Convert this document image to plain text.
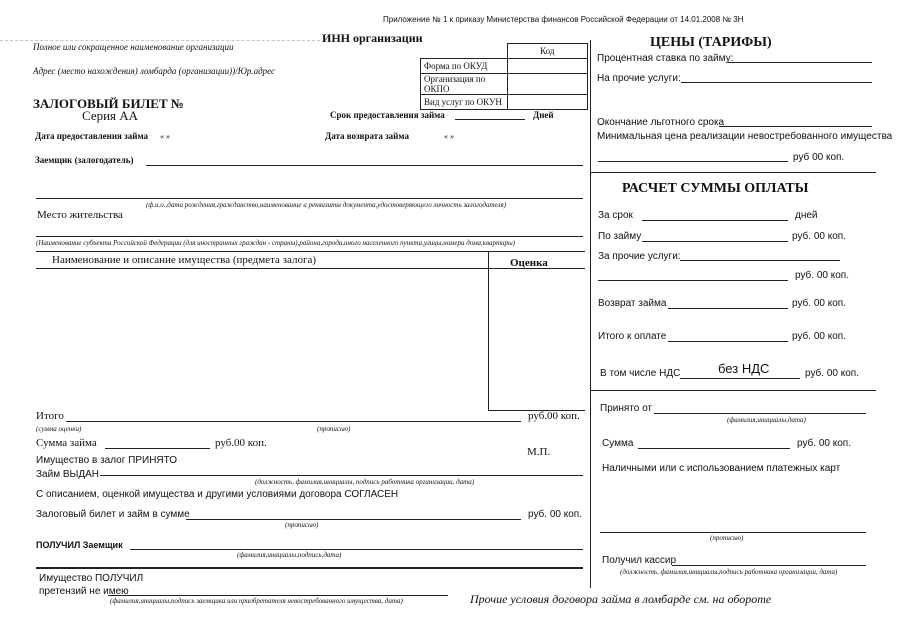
Приложение № 1 к приказу Министерства финансов Российской Федерации от 14.01.2008 № 3Н
ИНН организации
Полное или сокращенное наименование организации
Адрес (место нахождения) ломбарда (организации))/Юр.адрес
	Код
Форма по ОКУД	
Организация по ОКПО	
Вид услуг по ОКУН	
ЗАЛОГОВЫЙ БИЛЕТ №
Серия АА	Срок предоставления займа	Дней
Дата предоставления займа « »	Дата возврата займа	« »
Заемщик (залогодатель)
(ф.и.о.,дата рождения,гражданство,наименование и реквизиты документа,удостоверяющего личность залогодателя)
Место жительства
(Наименование субъекта Российской Федерации (для иностранных граждан - страны),района,города,иного населенного пункта,улицы,номера дома,квартиры)
Наименование и описание имущества (предмета залога)	Оценка
Итого	руб.00 коп.
(сумма оценки)	(прописью)
Сумма займа	руб.00 коп.
М.П.
Имущество в залог ПРИНЯТО
Займ ВЫДАН
(должность, фамилия,инициалы, подпись работника организации, дата)
С описанием, оценкой имущества и другими условиями договора СОГЛАСЕН
Залоговый билет и займ в сумме	руб. 00 коп.
(прописью)
ПОЛУЧИЛ Заемщик
(фамилия,инициалы,подпись,дата)
Имущество ПОЛУЧИЛ
претензий не имею
(фамилия,инициалы,подпись заемщика или приобретателя невостребованного имущества, дата)	Прочие условия договора займа в ломбарде см. на обороте
ЦЕНЫ (ТАРИФЫ)
Процентная ставка по займу:
На прочие услуги:
Окончание льготного срока
Минимальная цена реализации невостребованного имущества
руб 00 коп.
РАСЧЕТ СУММЫ ОПЛАТЫ
За срок	дней
По займу	руб. 00 коп.
За прочие услуги:
руб. 00 коп.
Возврат займа	руб. 00 коп.
Итого к оплате	руб. 00 коп.
В том числе НДС	без НДС	руб. 00 коп.
Принято от
(фамилия,инициалы,дата)
Сумма	руб. 00 коп.
Наличными или с использованием платежных карт
(прописью)
Получил кассир
(должность, фамилия,инициалы,подпись работника организации, дата)
